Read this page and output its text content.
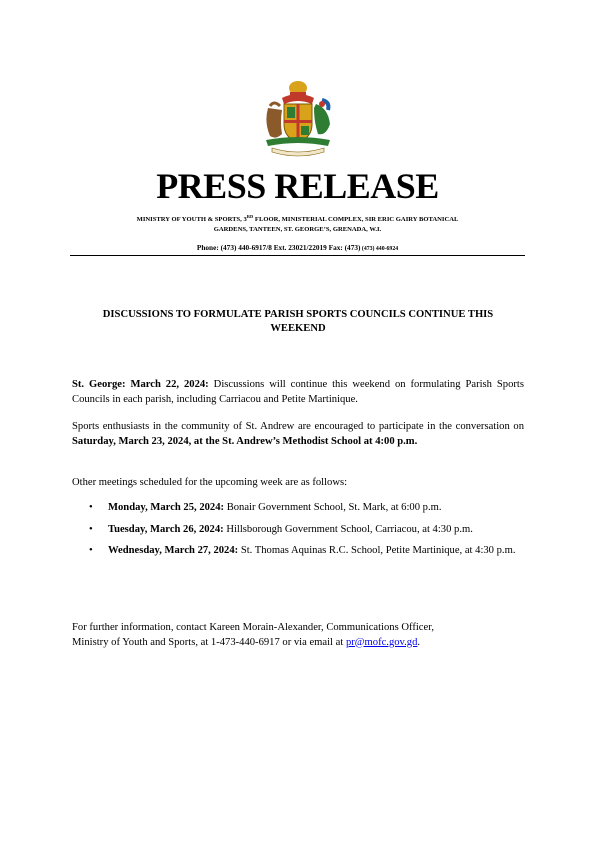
PRESS RELEASE
MINISTRY OF YOUTH & SPORTS, 3RD FLOOR, MINISTERIAL COMPLEX, SIR ERIC GAIRY BOTANICAL
GARDENS, TANTEEN, ST. GEORGE’S, GRENADA, W.I.
Phone: (473) 440-6917/8 Ext. 23021/22019 Fax: (473) (473) 440-6924
DISCUSSIONS TO FORMULATE PARISH SPORTS COUNCILS CONTINUE THIS
WEEKEND
St. George: March 22, 2024: Discussions will continue this weekend on formulating Parish Sports Councils in each parish, including Carriacou and Petite Martinique.
Sports enthusiasts in the community of St. Andrew are encouraged to participate in the conversation on Saturday, March 23, 2024, at the St. Andrew’s Methodist School at 4:00 p.m.
Other meetings scheduled for the upcoming week are as follows:
• Monday, March 25, 2024: Bonair Government School, St. Mark, at 6:00 p.m.
• Tuesday, March 26, 2024: Hillsborough Government School, Carriacou, at 4:30 p.m.
• Wednesday, March 27, 2024: St. Thomas Aquinas R.C. School, Petite Martinique, at 4:30 p.m.
For further information, contact Kareen Morain-Alexander, Communications Officer,
Ministry of Youth and Sports, at 1-473-440-6917 or via email at pr@mofc.gov.gd.
